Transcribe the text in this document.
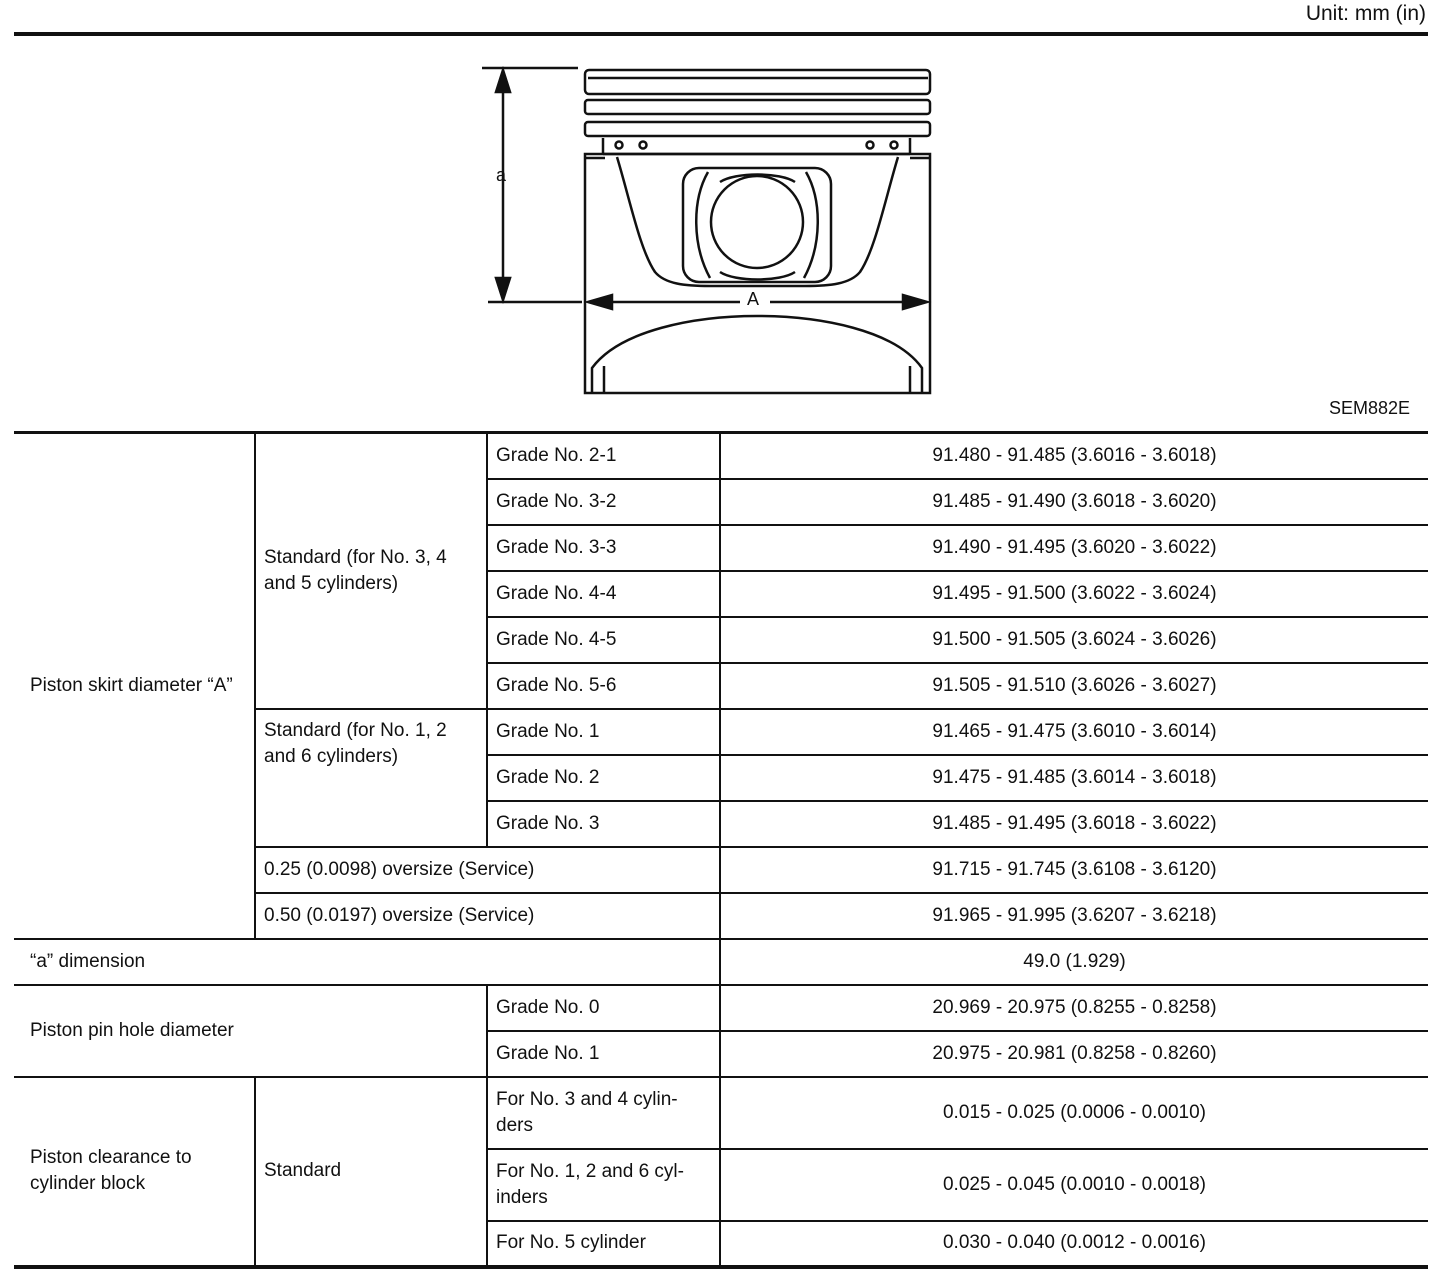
Unit: mm (in)
a
A
SEM882E
Piston skirt diameter “A”	Standard (for No. 3, 4 and 5 cylinders)	Grade No. 2-1	91.480 - 91.485 (3.6016 - 3.6018)
		Grade No. 3-2	91.485 - 91.490 (3.6018 - 3.6020)
		Grade No. 3-3	91.490 - 91.495 (3.6020 - 3.6022)
		Grade No. 4-4	91.495 - 91.500 (3.6022 - 3.6024)
		Grade No. 4-5	91.500 - 91.505 (3.6024 - 3.6026)
		Grade No. 5-6	91.505 - 91.510 (3.6026 - 3.6027)
	Standard (for No. 1, 2 and 6 cylinders)	Grade No. 1	91.465 - 91.475 (3.6010 - 3.6014)
		Grade No. 2	91.475 - 91.485 (3.6014 - 3.6018)
		Grade No. 3	91.485 - 91.495 (3.6018 - 3.6022)
	0.25 (0.0098) oversize (Service)		91.715 - 91.745 (3.6108 - 3.6120)
	0.50 (0.0197) oversize (Service)		91.965 - 91.995 (3.6207 - 3.6218)
“a” dimension			49.0 (1.929)
Piston pin hole diameter		Grade No. 0	20.969 - 20.975 (0.8255 - 0.8258)
		Grade No. 1	20.975 - 20.981 (0.8258 - 0.8260)
Piston clearance to cylinder block	Standard	For No. 3 and 4 cylin-ders	0.015 - 0.025 (0.0006 - 0.0010)
		For No. 1, 2 and 6 cyl-inders	0.025 - 0.045 (0.0010 - 0.0018)
		For No. 5 cylinder	0.030 - 0.040 (0.0012 - 0.0016)
